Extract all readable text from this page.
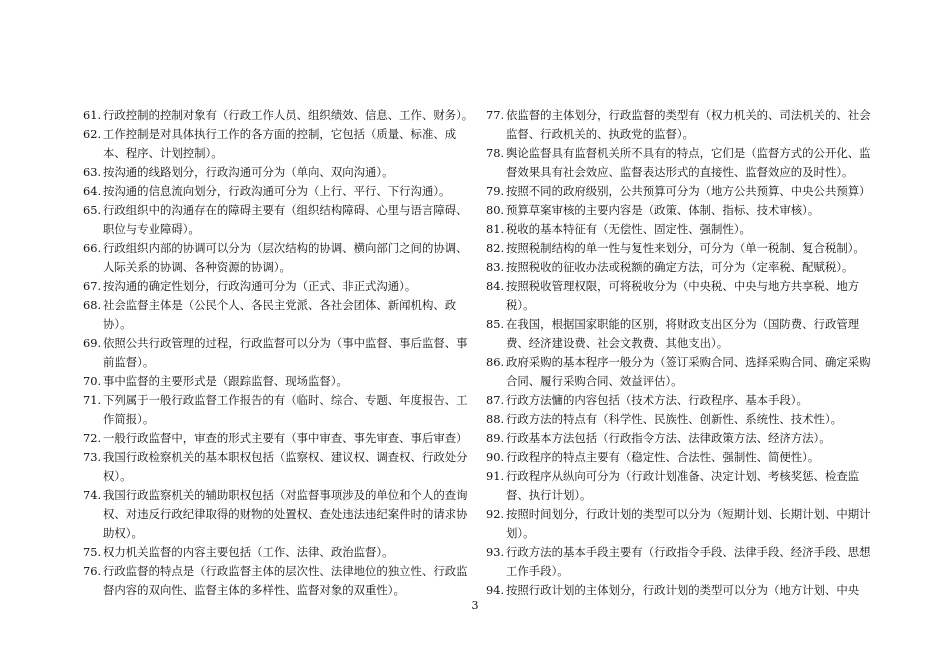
61. 行政控制的控制对象有（行政工作人员、组织绩效、信息、工作、财务）。
62. 工作控制是对具体执行工作的各方面的控制，它包括（质量、标准、成本、程序、计划控制）。
63. 按沟通的线路划分，行政沟通可分为（单向、双向沟通）。
64. 按沟通的信息流向划分，行政沟通可分为（上行、平行、下行沟通）。
65. 行政组织中的沟通存在的障碍主要有（组织结构障碍、心里与语言障碍、职位与专业障碍）。
66. 行政组织内部的协调可以分为（层次结构的协调、横向部门之间的协调、人际关系的协调、各种资源的协调）。
67. 按沟通的确定性划分，行政沟通可分为（正式、非正式沟通）。
68. 社会监督主体是（公民个人、各民主党派、各社会团体、新闻机构、政协）。
69. 依照公共行政管理的过程，行政监督可以分为（事中监督、事后监督、事前监督）。
70. 事中监督的主要形式是（跟踪监督、现场监督）。
71. 下列属于一般行政监督工作报告的有（临时、综合、专题、年度报告、工作简报）。
72. 一般行政监督中，审查的形式主要有（事中审查、事先审查、事后审查）
73. 我国行政检察机关的基本职权包括（监察权、建议权、调查权、行政处分权）。
74. 我国行政监察机关的辅助职权包括（对监督事项涉及的单位和个人的查询权、对违反行政纪律取得的财物的处置权、查处违法违纪案件时的请求协助权）。
75. 权力机关监督的内容主要包括（工作、法律、政治监督）。
76. 行政监督的特点是（行政监督主体的层次性、法律地位的独立性、行政监督内容的双向性、监督主体的多样性、监督对象的双重性）。
77. 依监督的主体划分，行政监督的类型有（权力机关的、司法机关的、社会监督、行政机关的、执政党的监督）。
78. 舆论监督具有监督机关所不具有的特点，它们是（监督方式的公开化、监督效果具有社会效应、监督表达形式的直接性、监督效应的及时性）。
79. 按照不同的政府级别，公共预算可分为（地方公共预算、中央公共预算）
80. 预算草案审核的主要内容是（政策、体制、指标、技术审核）。
81. 税收的基本特征有（无偿性、固定性、强制性）。
82. 按照税制结构的单一性与复性来划分，可分为（单一税制、复合税制）。
83. 按照税收的征收办法或税额的确定方法，可分为（定率税、配赋税）。
84. 按照税收管理权限，可将税收分为（中央税、中央与地方共享税、地方税）。
85. 在我国，根据国家职能的区别，将财政支出区分为（国防费、行政管理费、经济建设费、社会文教费、其他支出）。
86. 政府采购的基本程序一般分为（签订采购合同、选择采购合同、确定采购合同、履行采购合同、效益评估）。
87. 行政方法慵的内容包括（技术方法、行政程序、基本手段）。
88. 行政方法的特点有（科学性、民族性、创新性、系统性、技术性）。
89. 行政基本方法包括（行政指令方法、法律政策方法、经济方法）。
90. 行政程序的特点主要有（稳定性、合法性、强制性、简便性）。
91. 行政程序从纵向可分为（行政计划准备、决定计划、考核奖惩、检查监督、执行计划）。
92. 按照时间划分，行政计划的类型可以分为（短期计划、长期计划、中期计划）。
93. 行政方法的基本手段主要有（行政指令手段、法律手段、经济手段、思想工作手段）。
94. 按照行政计划的主体划分，行政计划的类型可以分为（地方计划、中央
3
